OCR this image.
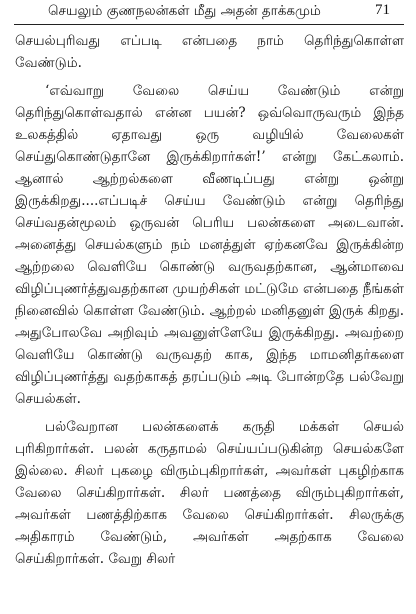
செயலும் குணநலன்கள் மீது அதன் தாக்கமும்	71

செயல்புரிவது எப்படி என்பதை நாம் தெரிந்துகொள்ள வேண்டும்.

‘எவ்வாறு வேலை செய்ய வேண்டும் என்று தெரிந்துகொள்வதால் என்ன பயன்? ஒவ்வொருவரும் இந்த உலகத்தில் ஏதாவது ஒரு வழியில் வேலைகள் செய்துகொண்டுதானே இருக்கிறார்கள்!’ என்று கேட்கலாம். ஆனால் ஆற்றல்களை வீணடிப்பது என்று ஒன்று இருக்கிறது....எப்படிச் செய்ய வேண்டும் என்று தெரிந்து செய்வதன்மூலம் ஒருவன் பெரிய பலன்களை அடைவான். அனைத்து செயல்களும் நம் மனத்துள் ஏற்கனவே இருக்கின்ற ஆற்றலை வெளியே கொண்டு வருவதற்கான, ஆன்மாவை விழிப்புணர்த்துவதற்கான முயற்சிகள் மட்டுமே என்பதை நீங்கள் நினைவில் கொள்ள வேண்டும். ஆற்றல் மனிதனுள் இருக் கிறது. அதுபோலவே அறிவும் அவனுள்ளேயே இருக்கிறது. அவற்றை வெளியே கொண்டு வருவதற் காக, இந்த மாமனிதர்களை விழிப்புணர்த்து வதற்காகத் தரப்படும் அடி போன்றதே பல்வேறு செயல்கள்.

பல்வேறான பலன்களைக் கருதி மக்கள் செயல் புரிகிறார்கள். பலன் கருதாமல் செய்யப்படுகின்ற செயல்களே இல்லை. சிலர் புகழை விரும்புகிறார்கள், அவர்கள் புகழிற்காக வேலை செய்கிறார்கள். சிலர் பணத்தை விரும்புகிறார்கள், அவர்கள் பணத்திற்காக வேலை செய்கிறார்கள். சிலருக்கு அதிகாரம் வேண்டும், அவர்கள் அதற்காக வேலை செய்கிறார்கள். வேறு சிலர்
